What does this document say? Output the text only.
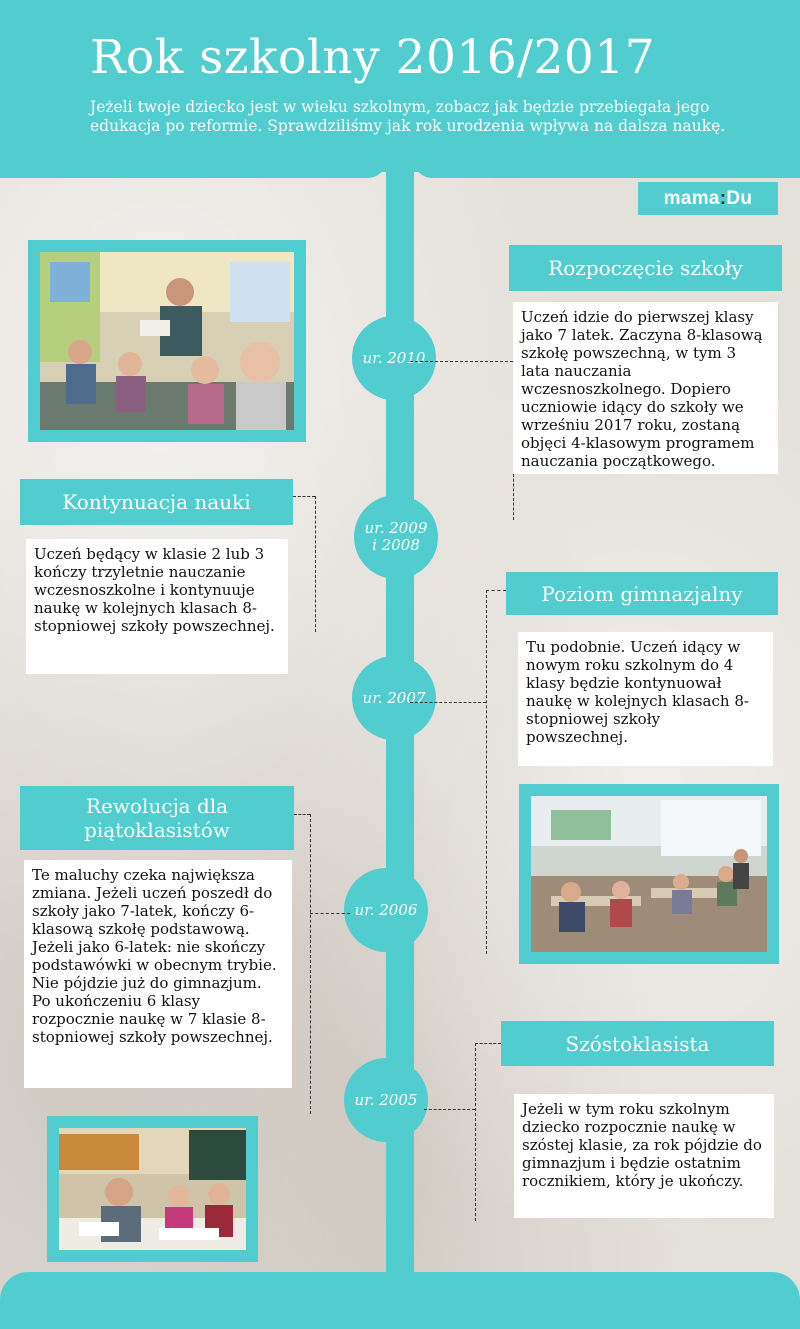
Rok szkolny 2016/2017

Jeżeli twoje dziecko jest w wieku szkolnym, zobacz jak będzie przebiegała jego edukacja po reformie. Sprawdziliśmy jak rok urodzenia wpływa na dalsza naukę.

mama : Du
Rozpoczęcie szkoły
Uczeń idzie do pierwszej klasy jako 7 latek. Zaczyna 8-klasową szkołę powszechną, w tym 3 lata nauczania wczesnoszkolnego. Dopiero uczniowie idący do szkoły we wrześniu 2017 roku, zostaną objęci 4-klasowym programem nauczania początkowego.
ur. 2010
Kontynuacja nauki
Uczeń będący w klasie 2 lub 3 kończy trzyletnie nauczanie wczesnoszkolne i kontynuuje naukę w kolejnych klasach 8-stopniowej szkoły powszechnej.
ur. 2009
i 2008
Poziom gimnazjalny
Tu podobnie. Uczeń idący w nowym roku szkolnym do 4 klasy będzie kontynuował naukę w kolejnych klasach 8-stopniowej szkoły powszechnej.
ur. 2007
Rewolucja dla piątoklasistów
Te maluchy czeka największa zmiana. Jeżeli uczeń poszedł do szkoły jako 7-latek, kończy 6-klasową szkołę podstawową. Jeżeli jako 6-latek: nie skończy podstawówki w obecnym trybie. Nie pójdzie już do gimnazjum. Po ukończeniu 6 klasy rozpocznie naukę w 7 klasie 8-stopniowej szkoły powszechnej.
ur. 2006
Szóstoklasista
Jeżeli w tym roku szkolnym dziecko rozpocznie naukę w szóstej klasie, za rok pójdzie do gimnazjum i będzie ostatnim rocznikiem, który je ukończy.
ur. 2005
